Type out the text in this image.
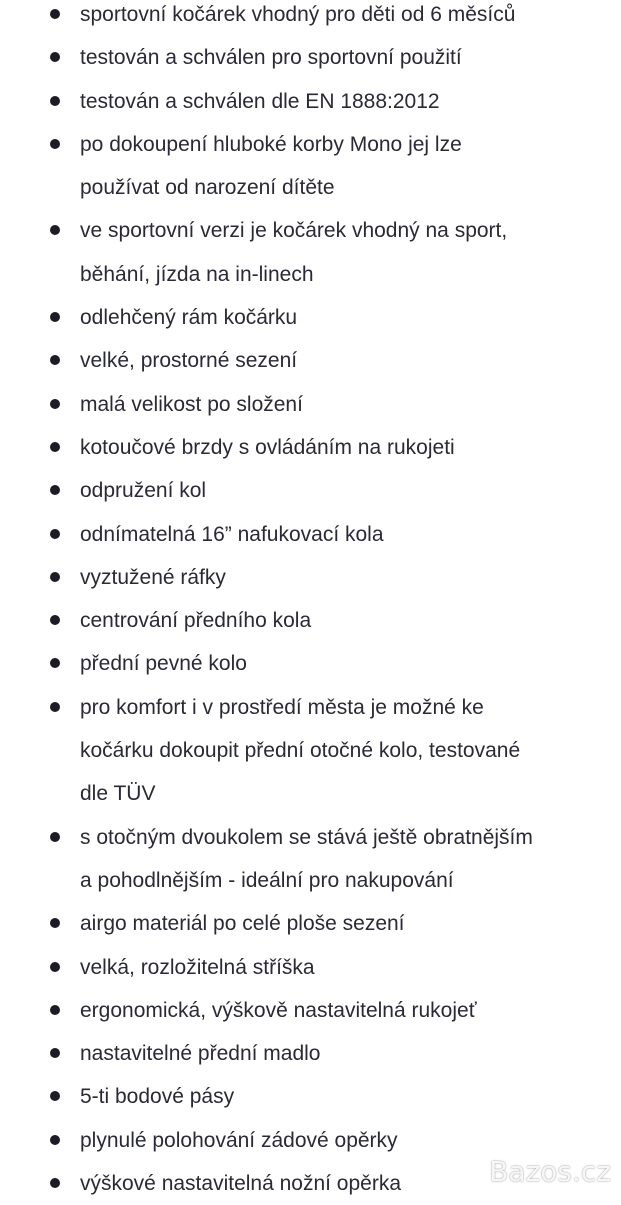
sportovní kočárek vhodný pro děti od 6 měsíců
testován a schválen pro sportovní použití
testován a schválen dle EN 1888:2012
po dokoupení hluboké korby Mono jej lze
používat od narození dítěte
ve sportovní verzi je kočárek vhodný na sport,
běhání, jízda na in-linech
odlehčený rám kočárku
velké, prostorné sezení
malá velikost po složení
kotoučové brzdy s ovládáním na rukojeti
odpružení kol
odnímatelná 16” nafukovací kola
vyztužené ráfky
centrování předního kola
přední pevné kolo
pro komfort i v prostředí města je možné ke
kočárku dokoupit přední otočné kolo, testované
dle TÜV
s otočným dvoukolem se stává ještě obratnějším
a pohodlnějším - ideální pro nakupování
airgo materiál po celé ploše sezení
velká, rozložitelná stříška
ergonomická, výškově nastavitelná rukojeť
nastavitelné přední madlo
5-ti bodové pásy
plynulé polohování zádové opěrky
výškové nastavitelná nožní opěrka	Bazos.cz
